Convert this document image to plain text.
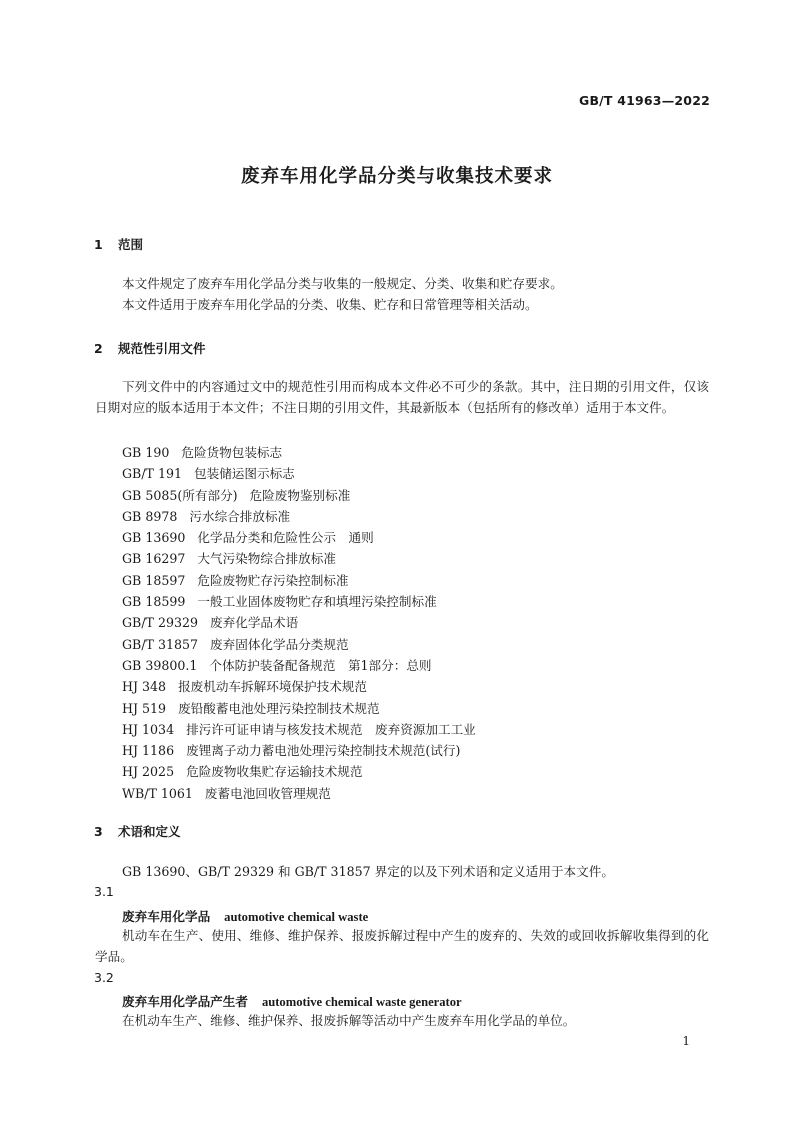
GB/T 41963—2022
废弃车用化学品分类与收集技术要求
1 范围
本文件规定了废弃车用化学品分类与收集的一般规定、分类、收集和贮存要求。
本文件适用于废弃车用化学品的分类、收集、贮存和日常管理等相关活动。
2 规范性引用文件
下列文件中的内容通过文中的规范性引用而构成本文件必不可少的条款。其中，注日期的引用文件，仅该日期对应的版本适用于本文件；不注日期的引用文件，其最新版本（包括所有的修改单）适用于本文件。
GB 190 危险货物包装标志
GB/T 191 包装储运图示标志
GB 5085(所有部分) 危险废物鉴别标准
GB 8978 污水综合排放标准
GB 13690 化学品分类和危险性公示　通则
GB 16297 大气污染物综合排放标准
GB 18597 危险废物贮存污染控制标准
GB 18599 一般工业固体废物贮存和填埋污染控制标准
GB/T 29329 废弃化学品术语
GB/T 31857 废弃固体化学品分类规范
GB 39800.1 个体防护装备配备规范　第1部分：总则
HJ 348 报废机动车拆解环境保护技术规范
HJ 519 废铅酸蓄电池处理污染控制技术规范
HJ 1034 排污许可证申请与核发技术规范　废弃资源加工工业
HJ 1186 废锂离子动力蓄电池处理污染控制技术规范(试行)
HJ 2025 危险废物收集贮存运输技术规范
WB/T 1061 废蓄电池回收管理规范
3 术语和定义
GB 13690、GB/T 29329 和 GB/T 31857 界定的以及下列术语和定义适用于本文件。
3.1
废弃车用化学品 automotive chemical waste
机动车在生产、使用、维修、维护保养、报废拆解过程中产生的废弃的、失效的或回收拆解收集得到的化学品。
3.2
废弃车用化学品产生者 automotive chemical waste generator
在机动车生产、维修、维护保养、报废拆解等活动中产生废弃车用化学品的单位。
1
